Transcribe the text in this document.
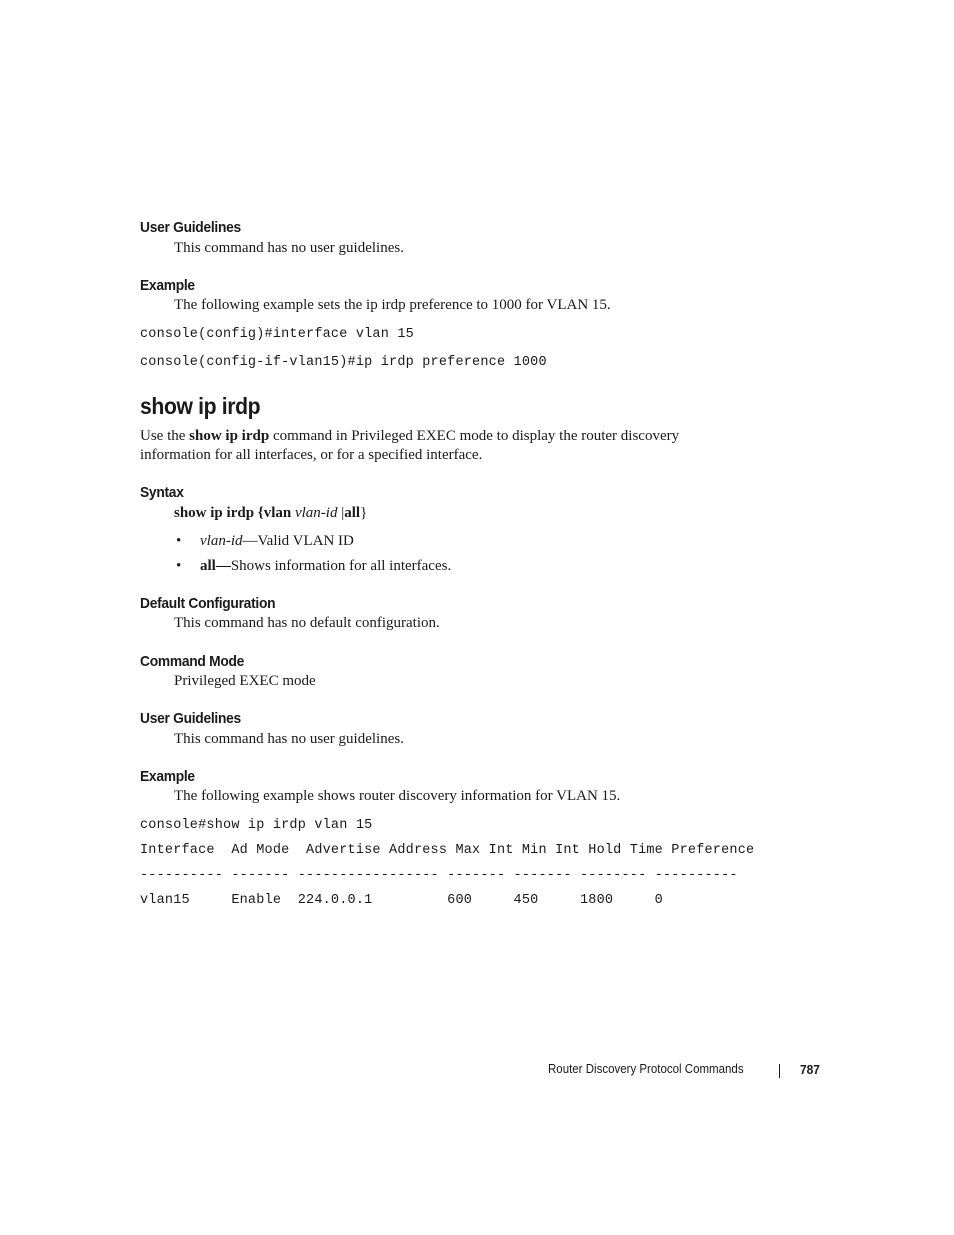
User Guidelines
This command has no user guidelines.
Example
The following example sets the ip irdp preference to 1000 for VLAN 15.
console(config)#interface vlan 15
console(config-if-vlan15)#ip irdp preference 1000
show ip irdp
Use the show ip irdp command in Privileged EXEC mode to display the router discovery
information for all interfaces, or for a specified interface.
Syntax
show ip irdp {vlan vlan-id |all}
• vlan-id—Valid VLAN ID
• all—Shows information for all interfaces.
Default Configuration
This command has no default configuration.
Command Mode
Privileged EXEC mode
User Guidelines
This command has no user guidelines.
Example
The following example shows router discovery information for VLAN 15.
console#show ip irdp vlan 15
Interface  Ad Mode  Advertise Address Max Int Min Int Hold Time Preference
---------- ------- ----------------- ------- ------- -------- ----------
vlan15     Enable  224.0.0.1         600     450     1800     0
Router Discovery Protocol Commands	787
